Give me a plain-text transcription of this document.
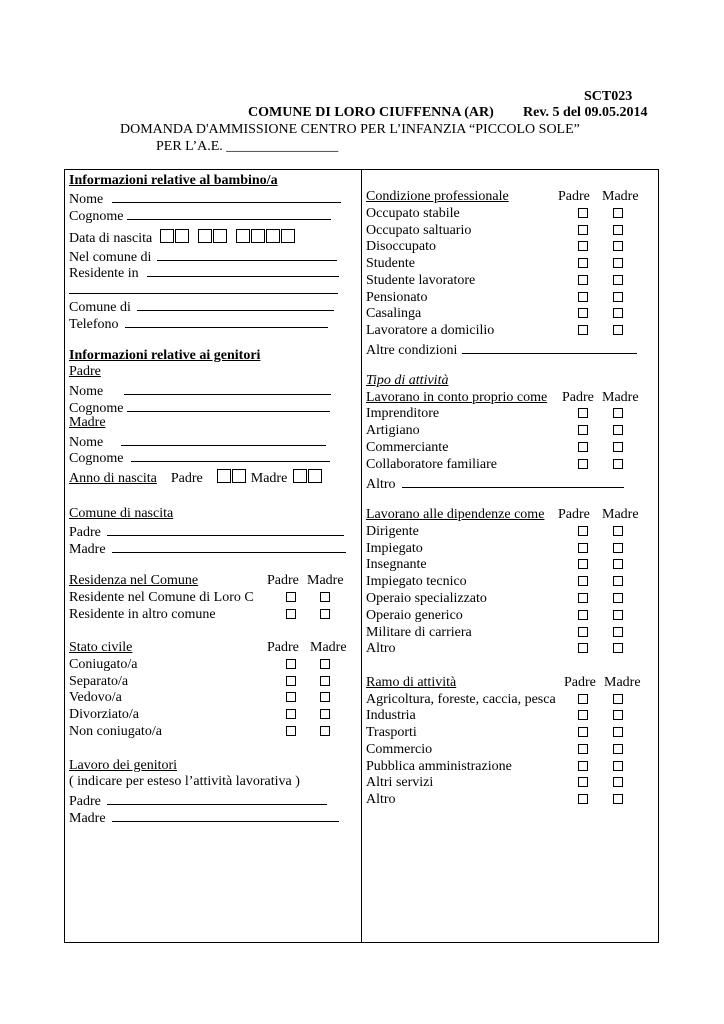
SCT023
COMUNE DI LORO CIUFFENNA (AR) Rev. 5 del 09.05.2014
DOMANDA D'AMMISSIONE CENTRO PER L’INFANZIA “PICCOLO SOLE”
PER L’A.E. ________________
Informazioni relative al bambino/a
Nome
Cognome
Data di nascita
Nel comune di
Residente in
Comune di
Telefono
Informazioni relative ai genitori
Padre
Nome
Cognome
Madre
Nome
Cognome
Anno di nascita Padre	Madre
Comune di nascita
Padre
Madre
Residenza nel Comune	Padre Madre
Residente nel Comune di Loro C
Residente in altro comune
Stato civile	Padre Madre
Coniugato/a
Separato/a
Vedovo/a
Divorziato/a
Non coniugato/a
Lavoro dei genitori
( indicare per esteso l’attività lavorativa )
Padre
Madre
Condizione professionale	Padre Madre
Occupato stabile
Occupato saltuario
Disoccupato
Studente
Studente lavoratore
Pensionato
Casalinga
Lavoratore a domicilio
Altre condizioni
Tipo di attività
Lavorano in conto proprio come Padre Madre
Imprenditore
Artigiano
Commerciante
Collaboratore familiare
Altro
Lavorano alle dipendenze come Padre Madre
Dirigente
Impiegato
Insegnante
Impiegato tecnico
Operaio specializzato
Operaio generico
Militare di carriera
Altro
Ramo di attività	Padre Madre
Agricoltura, foreste, caccia, pesca
Industria
Trasporti
Commercio
Pubblica amministrazione
Altri servizi
Altro
